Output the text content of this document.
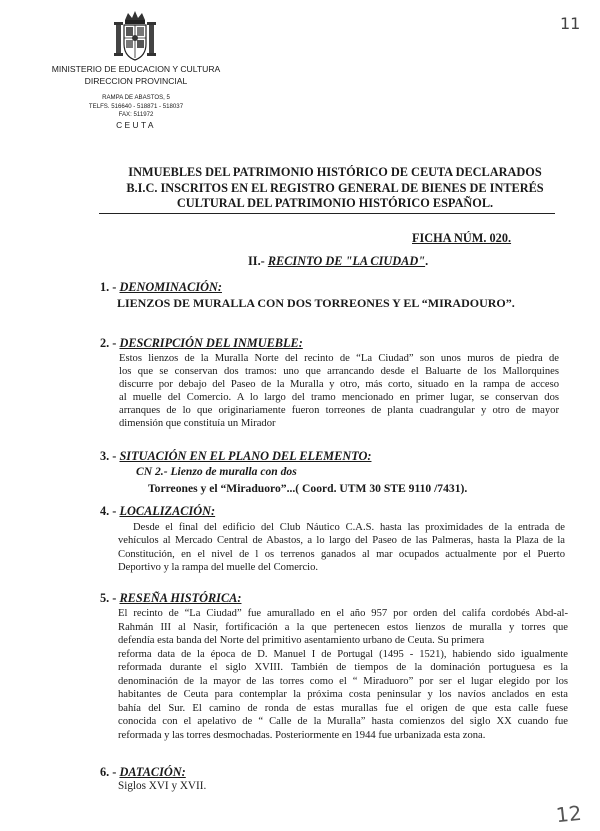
MINISTERIO DE EDUCACION Y CULTURA
DIRECCION PROVINCIAL
RAMPA DE ABASTOS, 5
TELFS. 516640 - 518871 - 518037
FAX: 511972
CEUTA
11
INMUEBLES DEL PATRIMONIO HISTÓRICO DE CEUTA DECLARADOS
B.I.C. INSCRITOS EN EL REGISTRO GENERAL DE BIENES DE INTERÉS
CULTURAL DEL PATRIMONIO HISTÓRICO ESPAÑOL.
FICHA NÚM. 020.
II.- RECINTO DE "LA CIUDAD".
1. - DENOMINACIÓN:
LIENZOS DE MURALLA CON DOS TORREONES Y EL “MIRADOURO”.
2. - DESCRIPCIÓN DEL INMUEBLE:
Estos lienzos de la Muralla Norte del recinto de “La Ciudad” son unos muros de piedra de
los que se conservan dos tramos: uno que arrancando desde el Baluarte de los Mallorquines
discurre por debajo del Paseo de la Muralla y otro, más corto, situado en la rampa de acceso
al muelle del Comercio. A lo largo del tramo mencionado en primer lugar, se conservan dos
arranques de lo que originariamente fueron torreones de planta cuadrangular y otro de mayor
dimensión que constituía un Mirador
3. - SITUACIÓN EN EL PLANO DEL ELEMENTO:
CN 2.- Lienzo de muralla con dos
Torreones y el “Miraduoro”...( Coord. UTM 30 STE 9110 /7431).
4. - LOCALIZACIÓN:
Desde el final del edificio del Club Náutico C.A.S. hasta las proximidades de la entrada de
vehículos al Mercado Central de Abastos, a lo largo del Paseo de las Palmeras, hasta la Plaza de la
Constitución, en el nivel de l os terrenos ganados al mar ocupados actualmente por el Puerto
Deportivo y la rampa del muelle del Comercio.
5. - RESEÑA HISTÓRICA:
El recinto de “La Ciudad” fue amurallado en el año 957 por orden del califa cordobés Abd-al-
Rahmán III al Nasir, fortificación a la que pertenecen estos lienzos de muralla y torres que
defendía esta banda del Norte del primitivo asentamiento urbano de Ceuta. Su primera
reforma data de la época de D. Manuel I de Portugal (1495 - 1521), habiendo sido igualmente
reformada durante el siglo XVIII. También de tiempos de la dominación portuguesa es la
denominación de la mayor de las torres como el “ Miraduoro” por ser el lugar elegido por los
habitantes de Ceuta para contemplar la próxima costa peninsular y los navíos anclados en esta
bahía del Sur. El camino de ronda de estas murallas fue el origen de que esta calle fuese
conocida con el apelativo de “ Calle de la Muralla” hasta comienzos del siglo XX cuando fue
reformada y las torres desmochadas. Posteriormente en 1944 fue urbanizada esta zona.
6. - DATACIÓN:
Siglos XVI y XVII.
12
